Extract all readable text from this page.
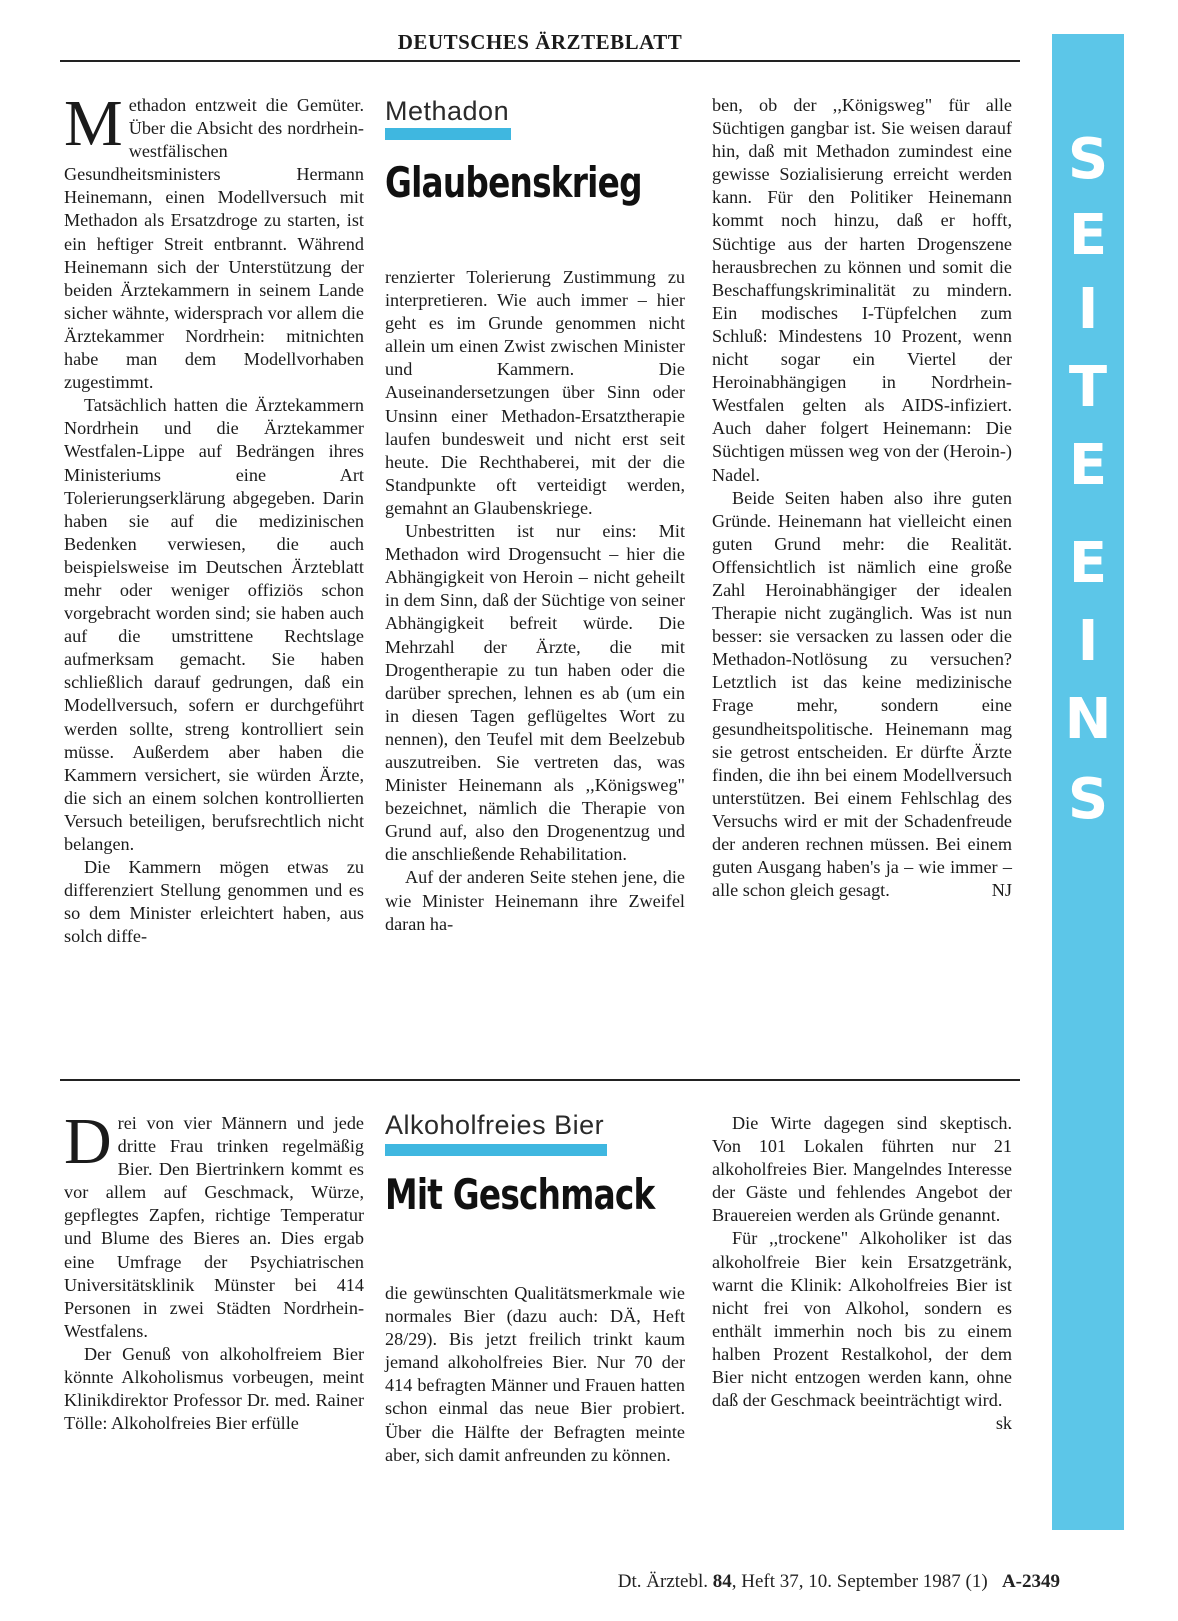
DEUTSCHES ÄRZTEBLATT
S
E
I
T
E
E
I
N
S

M ethadon entzweit die Gemüter. Über die Absicht des nordrhein-westfälischen Gesundheitsministers Hermann Heinemann, einen Modellversuch mit Methadon als Ersatzdroge zu starten, ist ein heftiger Streit entbrannt. Während Heinemann sich der Unterstützung der beiden Ärztekammern in seinem Lande sicher wähnte, widersprach vor allem die Ärztekammer Nordrhein: mitnichten habe man dem Modellvorhaben zugestimmt.

Tatsächlich hatten die Ärztekammern Nordrhein und die Ärztekammer Westfalen-Lippe auf Bedrängen ihres Ministeriums eine Art Tolerierungserklärung abgegeben. Darin haben sie auf die medizinischen Bedenken verwiesen, die auch beispielsweise im Deutschen Ärzteblatt mehr oder weniger offiziös schon vorgebracht worden sind; sie haben auch auf die umstrittene Rechtslage aufmerksam gemacht. Sie haben schließlich darauf gedrungen, daß ein Modellversuch, sofern er durchgeführt werden sollte, streng kontrolliert sein müsse. Außerdem aber haben die Kammern versichert, sie würden Ärzte, die sich an einem solchen kontrollierten Versuch beteiligen, berufsrechtlich nicht belangen.

Die Kammern mögen etwas zu differenziert Stellung genommen und es so dem Minister erleichtert haben, aus solch diffe-

Methadon
Glaubenskrieg

renzierter Tolerierung Zustimmung zu interpretieren. Wie auch immer – hier geht es im Grunde genommen nicht allein um einen Zwist zwischen Minister und Kammern. Die Auseinandersetzungen über Sinn oder Unsinn einer Methadon-Ersatztherapie laufen bundesweit und nicht erst seit heute. Die Rechthaberei, mit der die Standpunkte oft verteidigt werden, gemahnt an Glaubenskriege.

Unbestritten ist nur eins: Mit Methadon wird Drogensucht – hier die Abhängigkeit von Heroin – nicht geheilt in dem Sinn, daß der Süchtige von seiner Abhängigkeit befreit würde. Die Mehrzahl der Ärzte, die mit Drogentherapie zu tun haben oder die darüber sprechen, lehnen es ab (um ein in diesen Tagen geflügeltes Wort zu nennen), den Teufel mit dem Beelzebub auszutreiben. Sie vertreten das, was Minister Heinemann als ,,Königsweg" bezeichnet, nämlich die Therapie von Grund auf, also den Drogenentzug und die anschließende Rehabilitation.

Auf der anderen Seite stehen jene, die wie Minister Heinemann ihre Zweifel daran ha-

ben, ob der ,,Königsweg" für alle Süchtigen gangbar ist. Sie weisen darauf hin, daß mit Methadon zumindest eine gewisse Sozialisierung erreicht werden kann. Für den Politiker Heinemann kommt noch hinzu, daß er hofft, Süchtige aus der harten Drogenszene herausbrechen zu können und somit die Beschaffungskriminalität zu mindern. Ein modisches I-Tüpfelchen zum Schluß: Mindestens 10 Prozent, wenn nicht sogar ein Viertel der Heroinabhängigen in Nordrhein-Westfalen gelten als AIDS-infiziert. Auch daher folgert Heinemann: Die Süchtigen müssen weg von der (Heroin-) Nadel.

Beide Seiten haben also ihre guten Gründe. Heinemann hat vielleicht einen guten Grund mehr: die Realität. Offensichtlich ist nämlich eine große Zahl Heroinabhängiger der idealen Therapie nicht zugänglich. Was ist nun besser: sie versacken zu lassen oder die Methadon-Notlösung zu versuchen? Letztlich ist das keine medizinische Frage mehr, sondern eine gesundheitspolitische. Heinemann mag sie getrost entscheiden. Er dürfte Ärzte finden, die ihn bei einem Modellversuch unterstützen. Bei einem Fehlschlag des Versuchs wird er mit der Schadenfreude der anderen rechnen müssen. Bei einem guten Ausgang haben's ja – wie immer – alle schon gleich gesagt.	NJ

D rei von vier Männern und jede dritte Frau trinken regelmäßig Bier. Den Biertrinkern kommt es vor allem auf Geschmack, Würze, gepflegtes Zapfen, richtige Temperatur und Blume des Bieres an. Dies ergab eine Umfrage der Psychiatrischen Universitätsklinik Münster bei 414 Personen in zwei Städten Nordrhein-Westfalens.

Der Genuß von alkoholfreiem Bier könnte Alkoholismus vorbeugen, meint Klinikdirektor Professor Dr. med. Rainer Tölle: Alkoholfreies Bier erfülle

Alkoholfreies Bier
Mit Geschmack

die gewünschten Qualitätsmerkmale wie normales Bier (dazu auch: DÄ, Heft 28/29). Bis jetzt freilich trinkt kaum jemand alkoholfreies Bier. Nur 70 der 414 befragten Männer und Frauen hatten schon einmal das neue Bier probiert. Über die Hälfte der Befragten meinte aber, sich damit anfreunden zu können.

Die Wirte dagegen sind skeptisch. Von 101 Lokalen führten nur 21 alkoholfreies Bier. Mangelndes Interesse der Gäste und fehlendes Angebot der Brauereien werden als Gründe genannt.

Für ,,trockene" Alkoholiker ist das alkoholfreie Bier kein Ersatzgetränk, warnt die Klinik: Alkoholfreies Bier ist nicht frei von Alkohol, sondern es enthält immerhin noch bis zu einem halben Prozent Restalkohol, der dem Bier nicht entzogen werden kann, ohne daß der Geschmack beeinträchtigt wird.
sk

Dt. Ärztebl. 84, Heft 37, 10. September 1987 (1) A-2349
